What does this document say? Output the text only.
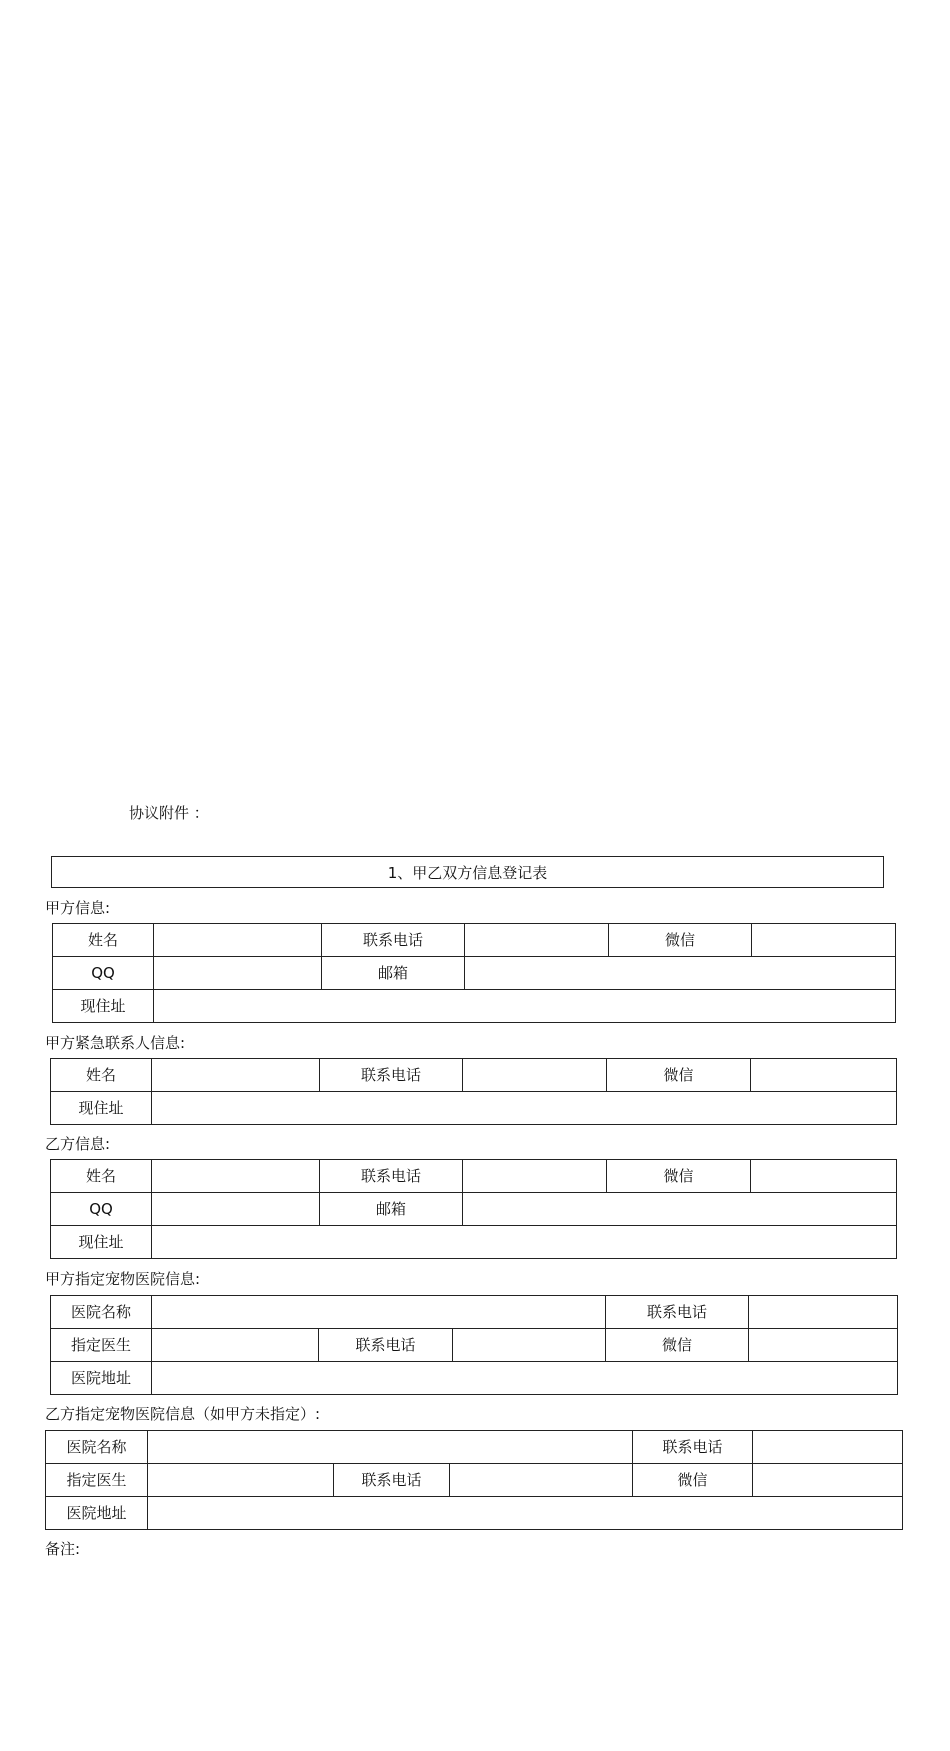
协议附件 ：
1、甲乙双方信息登记表
甲方信息:
姓名		联系电话		微信	
QQ		邮箱			
现住址					
甲方紧急联系人信息:
姓名		联系电话		微信	
现住址					
乙方信息:
姓名		联系电话		微信	
QQ		邮箱			
现住址					
甲方指定宠物医院信息:
医院名称				联系电话	
指定医生		联系电话		微信	
医院地址					
乙方指定宠物医院信息（如甲方未指定）:
医院名称				联系电话	
指定医生		联系电话		微信	
医院地址					
备注:
